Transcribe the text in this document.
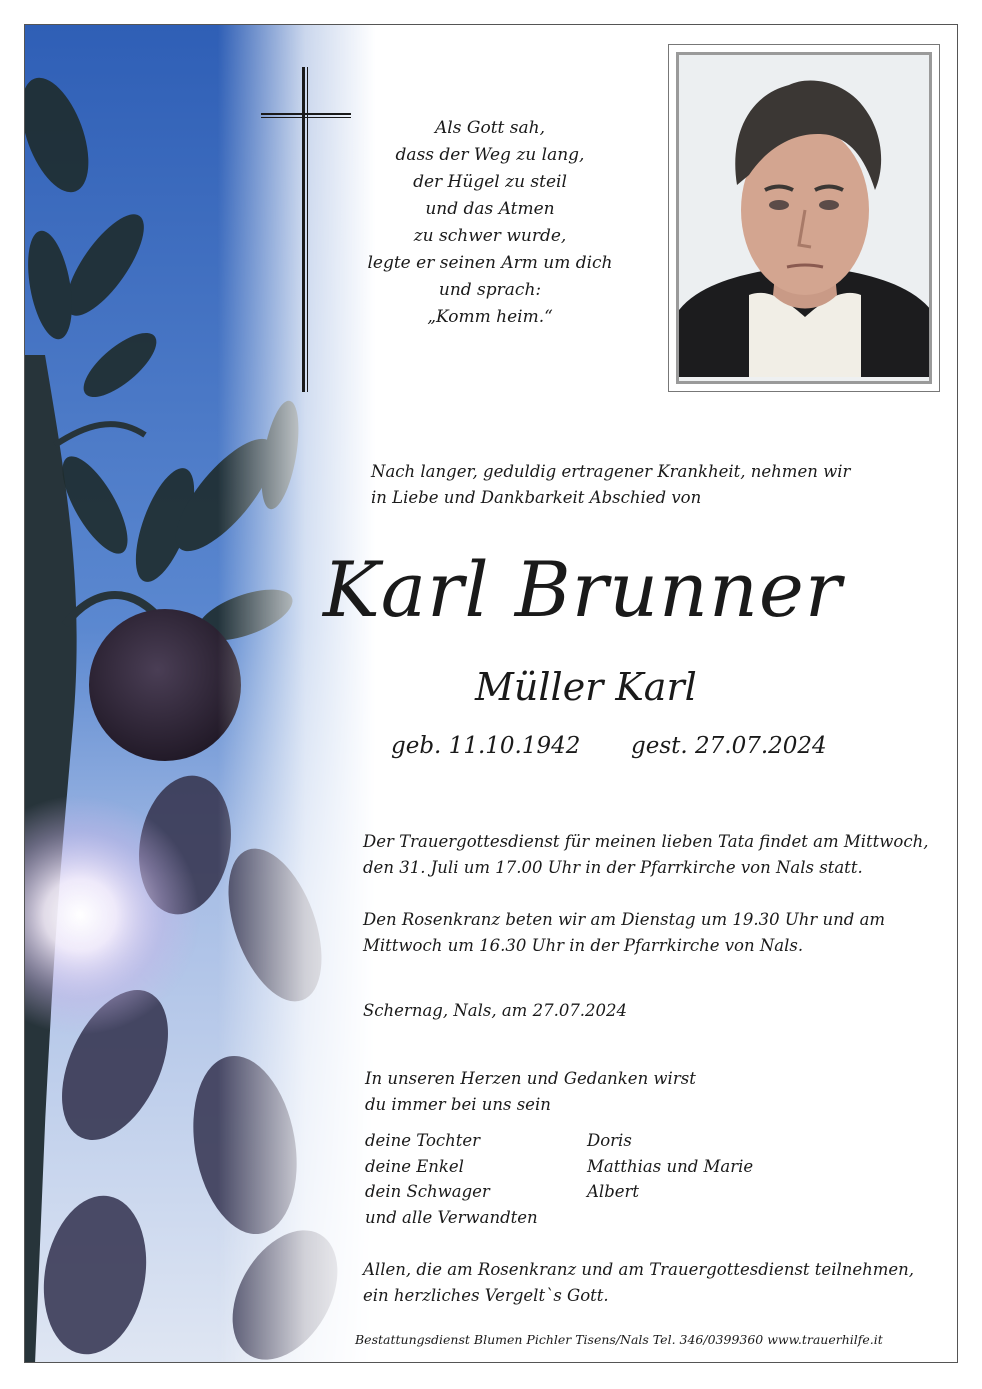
Als Gott sah,
dass der Weg zu lang,
der Hügel zu steil
und das Atmen
zu schwer wurde,
legte er seinen Arm um dich
und sprach:
„Komm heim.“
Nach langer, geduldig ertragener Krankheit, nehmen wir
in Liebe und Dankbarkeit Abschied von
Karl Brunner
Müller Karl
geb. 11.10.1942 gest. 27.07.2024
Der Trauergottesdienst für meinen lieben Tata findet am Mittwoch,
den 31. Juli um 17.00 Uhr in der Pfarrkirche von Nals statt.
Den Rosenkranz beten wir am Dienstag um 19.30 Uhr und am
Mittwoch um 16.30 Uhr in der Pfarrkirche von Nals.
Schernag, Nals, am 27.07.2024
In unseren Herzen und Gedanken wirst
du immer bei uns sein
deine Tochter	Doris
deine Enkel	Matthias und Marie
dein Schwager	Albert
und alle Verwandten
Allen, die am Rosenkranz und am Trauergottesdienst teilnehmen,
ein herzliches Vergelt`s Gott.
Bestattungsdienst Blumen Pichler Tisens/Nals Tel. 346/0399360 www.trauerhilfe.it
